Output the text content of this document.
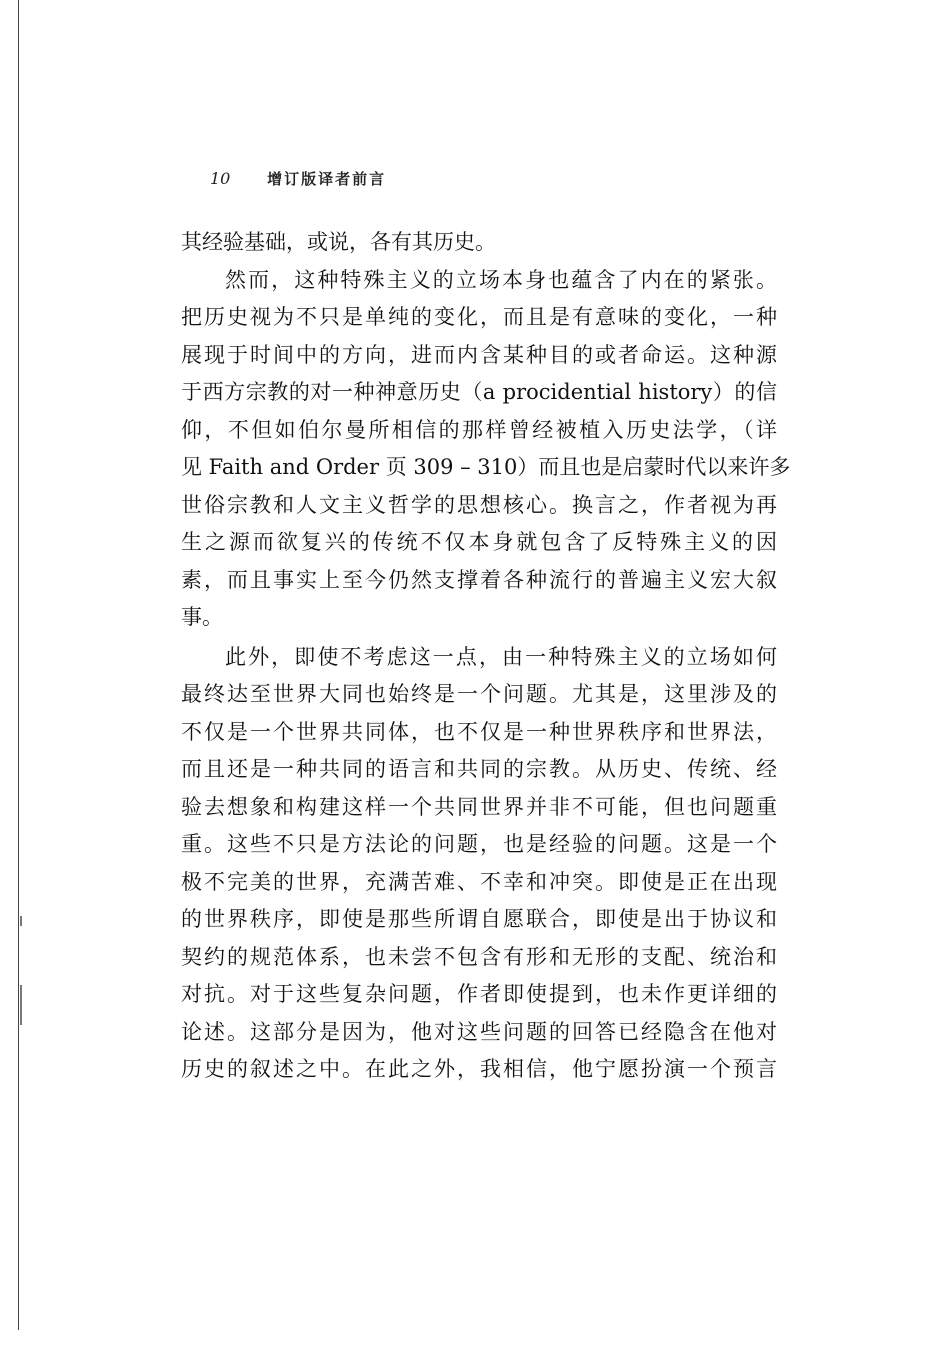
10 增订版译者前言
其经验基础，或说，各有其历史。
然而，这种特殊主义的立场本身也蕴含了内在的紧张。
把历史视为不只是单纯的变化，而且是有意味的变化，一种
展现于时间中的方向，进而内含某种目的或者命运。这种源
于西方宗教的对一种神意历史（a procidential history）的信
仰，不但如伯尔曼所相信的那样曾经被植入历史法学，（详
见 Faith and Order 页 309 – 310）而且也是启蒙时代以来许多
世俗宗教和人文主义哲学的思想核心。换言之，作者视为再
生之源而欲复兴的传统不仅本身就包含了反特殊主义的因
素，而且事实上至今仍然支撑着各种流行的普遍主义宏大叙
事。
此外，即使不考虑这一点，由一种特殊主义的立场如何
最终达至世界大同也始终是一个问题。尤其是，这里涉及的
不仅是一个世界共同体，也不仅是一种世界秩序和世界法，
而且还是一种共同的语言和共同的宗教。从历史、传统、经
验去想象和构建这样一个共同世界并非不可能，但也问题重
重。这些不只是方法论的问题，也是经验的问题。这是一个
极不完美的世界，充满苦难、不幸和冲突。即使是正在出现
的世界秩序，即使是那些所谓自愿联合，即使是出于协议和
契约的规范体系，也未尝不包含有形和无形的支配、统治和
对抗。对于这些复杂问题，作者即使提到，也未作更详细的
论述。这部分是因为，他对这些问题的回答已经隐含在他对
历史的叙述之中。在此之外，我相信，他宁愿扮演一个预言
